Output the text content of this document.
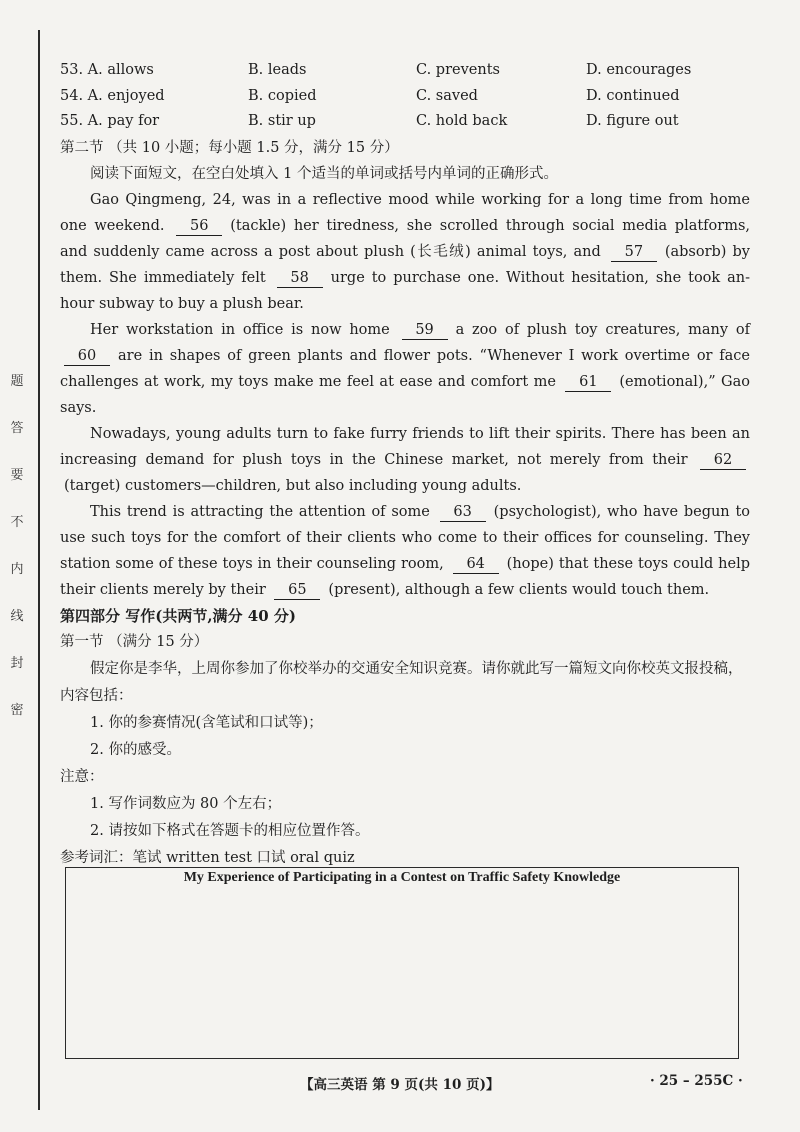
题
答
要
不
内
线
封
密
53. A. allows	B. leads	C. prevents	D. encourages
54. A. enjoyed	B. copied	C. saved	D. continued
55. A. pay for	B. stir up	C. hold back	D. figure out
第二节 （共 10 小题；每小题 1.5 分，满分 15 分）
阅读下面短文，在空白处填入 1 个适当的单词或括号内单词的正确形式。
Gao Qingmeng, 24, was in a reflective mood while working for a long time from home one weekend. 56 (tackle) her tiredness, she scrolled through social media platforms, and suddenly came across a post about plush (长毛绒) animal toys, and 57 (absorb) by them. She immediately felt 58 urge to purchase one. Without hesitation, she took an-hour subway to buy a plush bear.
Her workstation in office is now home 59 a zoo of plush toy creatures, many of 60 are in shapes of green plants and flower pots. “Whenever I work overtime or face challenges at work, my toys make me feel at ease and comfort me 61 (emotional),” Gao says.
Nowadays, young adults turn to fake furry friends to lift their spirits. There has been an increasing demand for plush toys in the Chinese market, not merely from their 62(target) customers—children, but also including young adults.
This trend is attracting the attention of some 63 (psychologist), who have begun to use such toys for the comfort of their clients who come to their offices for counseling. They station some of these toys in their counseling room, 64 (hope) that these toys could help their clients merely by their 65 (present), although a few clients would touch them.
第四部分 写作(共两节,满分 40 分)
第一节 （满分 15 分）
假定你是李华，上周你参加了你校举办的交通安全知识竞赛。请你就此写一篇短文向你校英文报投稿，内容包括：
1. 你的参赛情况(含笔试和口试等)；
2. 你的感受。
注意：
1. 写作词数应为 80 个左右；
2. 请按如下格式在答题卡的相应位置作答。
参考词汇：笔试 written test 口试 oral quiz
My Experience of Participating in a Contest on Traffic Safety Knowledge
【高三英语 第 9 页(共 10 页)】	· 25 – 255C ·
